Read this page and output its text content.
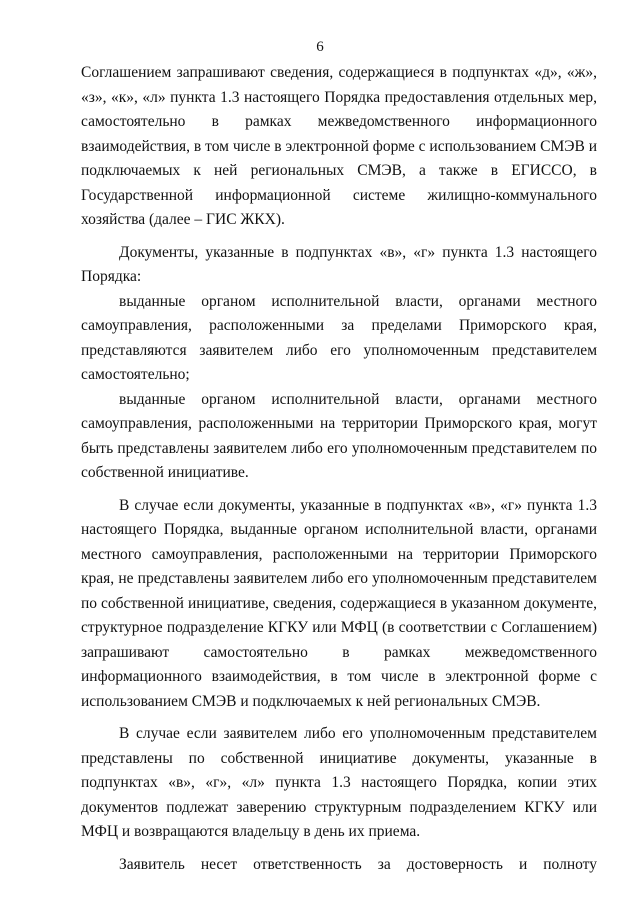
6

Соглашением запрашивают сведения, содержащиеся в подпунктах «д», «ж», «з», «к», «л» пункта 1.3 настоящего Порядка предоставления отдельных мер, самостоятельно в рамках межведомственного информационного взаимодействия, в том числе в электронной форме с использованием СМЭВ и подключаемых к ней региональных СМЭВ, а также в ЕГИССО, в Государственной информационной системе жилищно-коммунального хозяйства (далее – ГИС ЖКХ).

Документы, указанные в подпунктах «в», «г» пункта 1.3 настоящего Порядка:

выданные органом исполнительной власти, органами местного самоуправления, расположенными за пределами Приморского края, представляются заявителем либо его уполномоченным представителем самостоятельно;

выданные органом исполнительной власти, органами местного самоуправления, расположенными на территории Приморского края, могут быть представлены заявителем либо его уполномоченным представителем по собственной инициативе.

В случае если документы, указанные в подпунктах «в», «г» пункта 1.3 настоящего Порядка, выданные органом исполнительной власти, органами местного самоуправления, расположенными на территории Приморского края, не представлены заявителем либо его уполномоченным представителем по собственной инициативе, сведения, содержащиеся в указанном документе, структурное подразделение КГКУ или МФЦ (в соответствии с Соглашением) запрашивают самостоятельно в рамках межведомственного информационного взаимодействия, в том числе в электронной форме с использованием СМЭВ и подключаемых к ней региональных СМЭВ.

В случае если заявителем либо его уполномоченным представителем представлены по собственной инициативе документы, указанные в подпунктах «в», «г», «л» пункта 1.3 настоящего Порядка, копии этих документов подлежат заверению структурным подразделением КГКУ или МФЦ и возвращаются владельцу в день их приема.

Заявитель несет ответственность за достоверность и полноту
